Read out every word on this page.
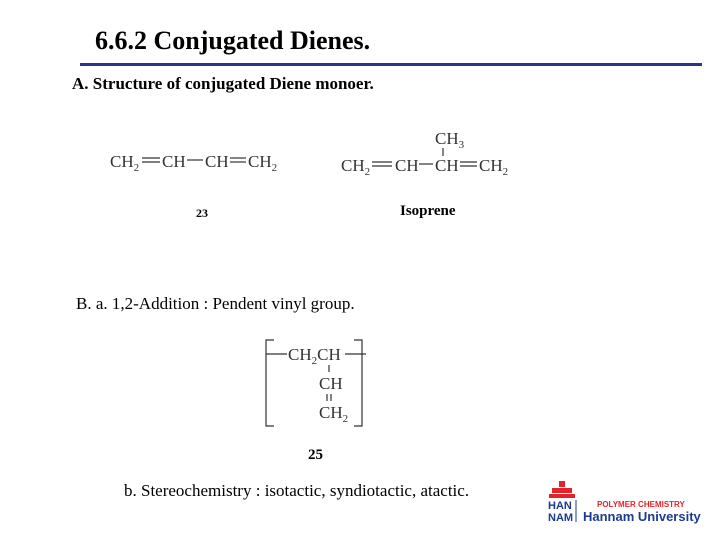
6.6.2 Conjugated Dienes.
A. Structure of conjugated Diene monoer.
$CH_2$ CH CH $CH_2$
23
$CH_3$
$CH_2$ CH CH $CH_2$
Isoprene
B. a. 1,2-Addition : Pendent vinyl group.
$CH_2CH$
CH
$CH_2$
25
b. Stereochemistry : isotactic, syndiotactic, atactic.
HAN
NAM
POLYMER CHEMISTRY
Hannam University
